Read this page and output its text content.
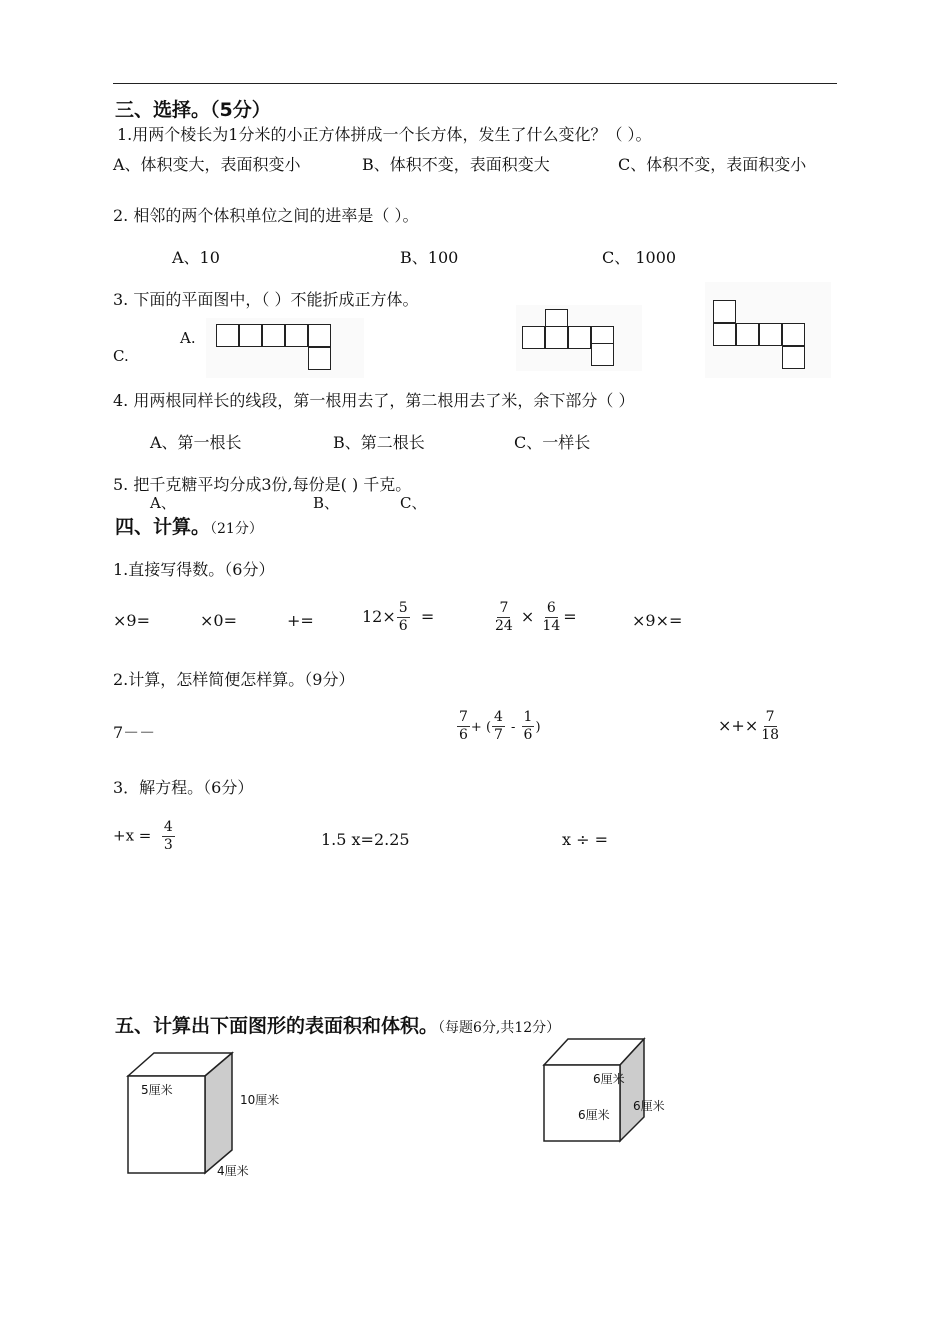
三、选择。（5分）
1.用两个棱长为1分米的小正方体拼成一个长方体，发生了什么变化？（ ）。
A、体积变大，表面积变小	B、体积不变，表面积变大	C、体积不变，表面积变小
2. 相邻的两个体积单位之间的进率是（ ）。
A、10	B、100	C、 1000
3. 下面的平面图中，（ ）不能折成正方体。
A.
C.
4. 用两根同样长的线段，第一根用去了，第二根用去了米，余下部分（ ）
A、第一根长	B、第二根长	C、一样长
5. 把千克糖平均分成3份,每份是( ) 千克。
A、	B、	C、
四、计算。（21分）
1.直接写得数。（6分）
×9=	×0=	+=	$12\times \frac{5}{6}$ =	$\frac{7}{24} \times \frac{6}{14}$ =	×9×=
2.计算，怎样简便怎样算。（9分）
7－－	$\frac{7}{6}$ + ( $\frac{4}{7} - \frac{1}{6}$ )	×+× $\frac{7}{18}$
3．解方程。（6分）
$+x = \frac{4}{3}$	1.5 x=2.25	x ÷ =
五、计算出下面图形的表面积和体积。（每题6分,共12分）
5厘米
10厘米
4厘米
6厘米
6厘米
6厘米
